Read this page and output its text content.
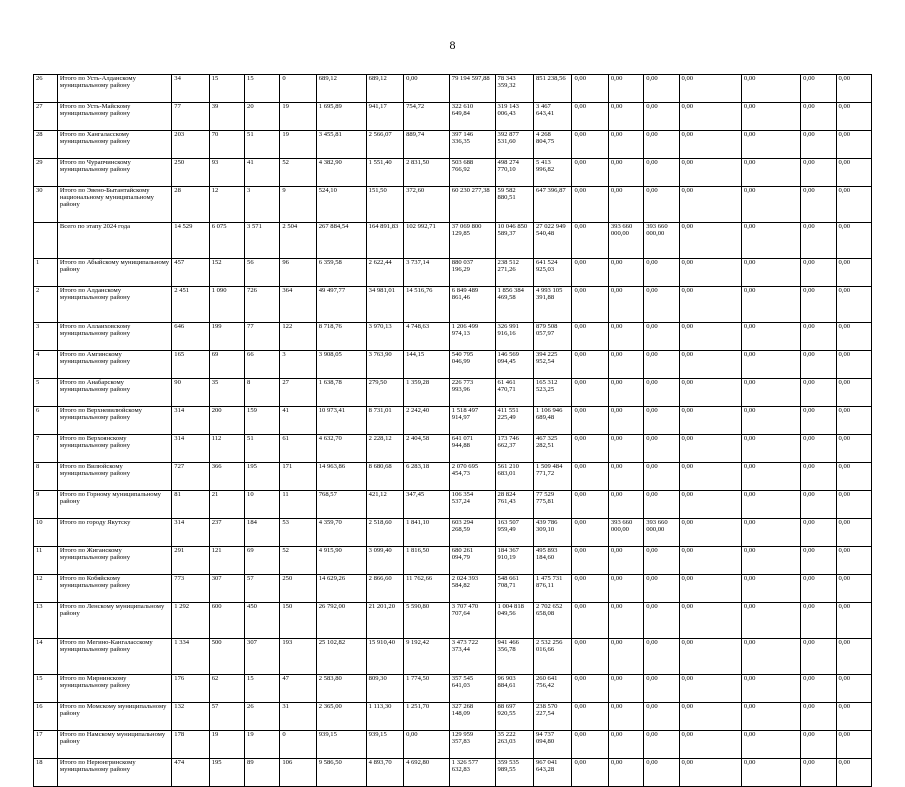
8
26	Итого по Усть-Алданскому муниципальному району	34	15	15	0	689,12	689,12	0,00	79 194 597,88	78 343 359,32	851 238,56	0,00	0,00	0,00	0,00	0,00	0,00	0,00
27	Итого по Усть-Майскому муниципальному району	77	39	20	19	1 695,89	941,17	754,72	322 610 649,84	319 143 006,43	3 467 643,41	0,00	0,00	0,00	0,00	0,00	0,00	0,00
28	Итого по Хангаласскому муниципальному району	203	70	51	19	3 455,81	2 566,07	889,74	397 146 336,35	392 877 531,60	4 268 804,75	0,00	0,00	0,00	0,00	0,00	0,00	0,00
29	Итого по Чурапчинскому муниципальному району	250	93	41	52	4 382,90	1 551,40	2 831,50	503 688 766,92	498 274 770,10	5 413 996,82	0,00	0,00	0,00	0,00	0,00	0,00	0,00
30	Итого по Эвено-Бытантайскому национальному муниципальному району	28	12	3	9	524,10	151,50	372,60	60 230 277,38	59 582 880,51	647 396,87	0,00	0,00	0,00	0,00	0,00	0,00	0,00
	Всего по этапу 2024 года	14 529	6 075	3 571	2 504	267 884,54	164 891,83	102 992,71	37 069 800 129,85	10 046 850 589,37	27 022 949 540,48	0,00	393 660 000,00	393 660 000,00	0,00	0,00	0,00	0,00
1	Итого по Абыйскому муниципальному району	457	152	56	96	6 359,58	2 622,44	3 737,14	880 037 196,29	238 512 271,26	641 524 925,03	0,00	0,00	0,00	0,00	0,00	0,00	0,00
2	Итого по Алданскому муниципальному району	2 451	1 090	726	364	49 497,77	34 981,01	14 516,76	6 849 489 861,46	1 856 384 469,58	4 993 105 391,88	0,00	0,00	0,00	0,00	0,00	0,00	0,00
3	Итого по Аллаиховскому муниципальному району	646	199	77	122	8 718,76	3 970,13	4 748,63	1 206 499 974,13	326 991 916,16	879 508 057,97	0,00	0,00	0,00	0,00	0,00	0,00	0,00
4	Итого по Амгинскому муниципальному району	165	69	66	3	3 908,05	3 763,90	144,15	540 795 046,99	146 569 094,45	394 225 952,54	0,00	0,00	0,00	0,00	0,00	0,00	0,00
5	Итого по Анабарскому муниципальному району	90	35	8	27	1 638,78	279,50	1 359,28	226 773 993,96	61 461 470,71	165 312 523,25	0,00	0,00	0,00	0,00	0,00	0,00	0,00
6	Итого по Верхневилюйскому муниципальному району	314	200	159	41	10 973,41	8 731,01	2 242,40	1 518 497 914,97	411 551 225,49	1 106 946 689,48	0,00	0,00	0,00	0,00	0,00	0,00	0,00
7	Итого по Верхоянскому муниципальному району	314	112	51	61	4 632,70	2 228,12	2 404,58	641 071 944,88	173 746 662,37	467 325 282,51	0,00	0,00	0,00	0,00	0,00	0,00	0,00
8	Итого по Вилюйскому муниципальному району	727	366	195	171	14 963,86	8 680,68	6 283,18	2 070 695 454,73	561 210 683,01	1 509 484 771,72	0,00	0,00	0,00	0,00	0,00	0,00	0,00
9	Итого по Горному муниципальному району	81	21	10	11	768,57	421,12	347,45	106 354 537,24	28 824 761,43	77 529 775,81	0,00	0,00	0,00	0,00	0,00	0,00	0,00
10	Итого по городу Якутску	314	237	184	53	4 359,70	2 518,60	1 841,10	603 294 268,59	163 507 959,49	439 786 309,10	0,00	393 660 000,00	393 660 000,00	0,00	0,00	0,00	0,00
11	Итого по Жиганскому муниципальному району	291	121	69	52	4 915,90	3 099,40	1 816,50	680 261 094,79	184 367 910,19	495 893 184,60	0,00	0,00	0,00	0,00	0,00	0,00	0,00
12	Итого по Кобяйскому муниципальному району	773	307	57	250	14 629,26	2 866,60	11 762,66	2 024 393 584,82	548 661 708,71	1 475 731 876,11	0,00	0,00	0,00	0,00	0,00	0,00	0,00
13	Итого по Ленскому муниципальному району	1 292	600	450	150	26 792,00	21 201,20	5 590,80	3 707 470 707,64	1 004 818 049,56	2 702 652 658,08	0,00	0,00	0,00	0,00	0,00	0,00	0,00
14	Итого по Мегино-Кангаласскому муниципальному району	1 334	500	307	193	25 102,82	15 910,40	9 192,42	3 473 722 373,44	941 466 356,78	2 532 256 016,66	0,00	0,00	0,00	0,00	0,00	0,00	0,00
15	Итого по Мирнинскому муниципальному району	176	62	15	47	2 583,80	809,30	1 774,50	357 545 641,03	96 903 884,61	260 641 756,42	0,00	0,00	0,00	0,00	0,00	0,00	0,00
16	Итого по Момскому муниципальному району	132	57	26	31	2 365,00	1 113,30	1 251,70	327 268 148,09	88 697 920,55	238 570 227,54	0,00	0,00	0,00	0,00	0,00	0,00	0,00
17	Итого по Намскому муниципальному району	178	19	19	0	939,15	939,15	0,00	129 959 357,83	35 222 263,03	94 737 094,80	0,00	0,00	0,00	0,00	0,00	0,00	0,00
18	Итого по Нерюнгринскому муниципальному району	474	195	89	106	9 586,50	4 893,70	4 692,80	1 326 577 632,83	359 535 989,55	967 041 643,28	0,00	0,00	0,00	0,00	0,00	0,00	0,00
